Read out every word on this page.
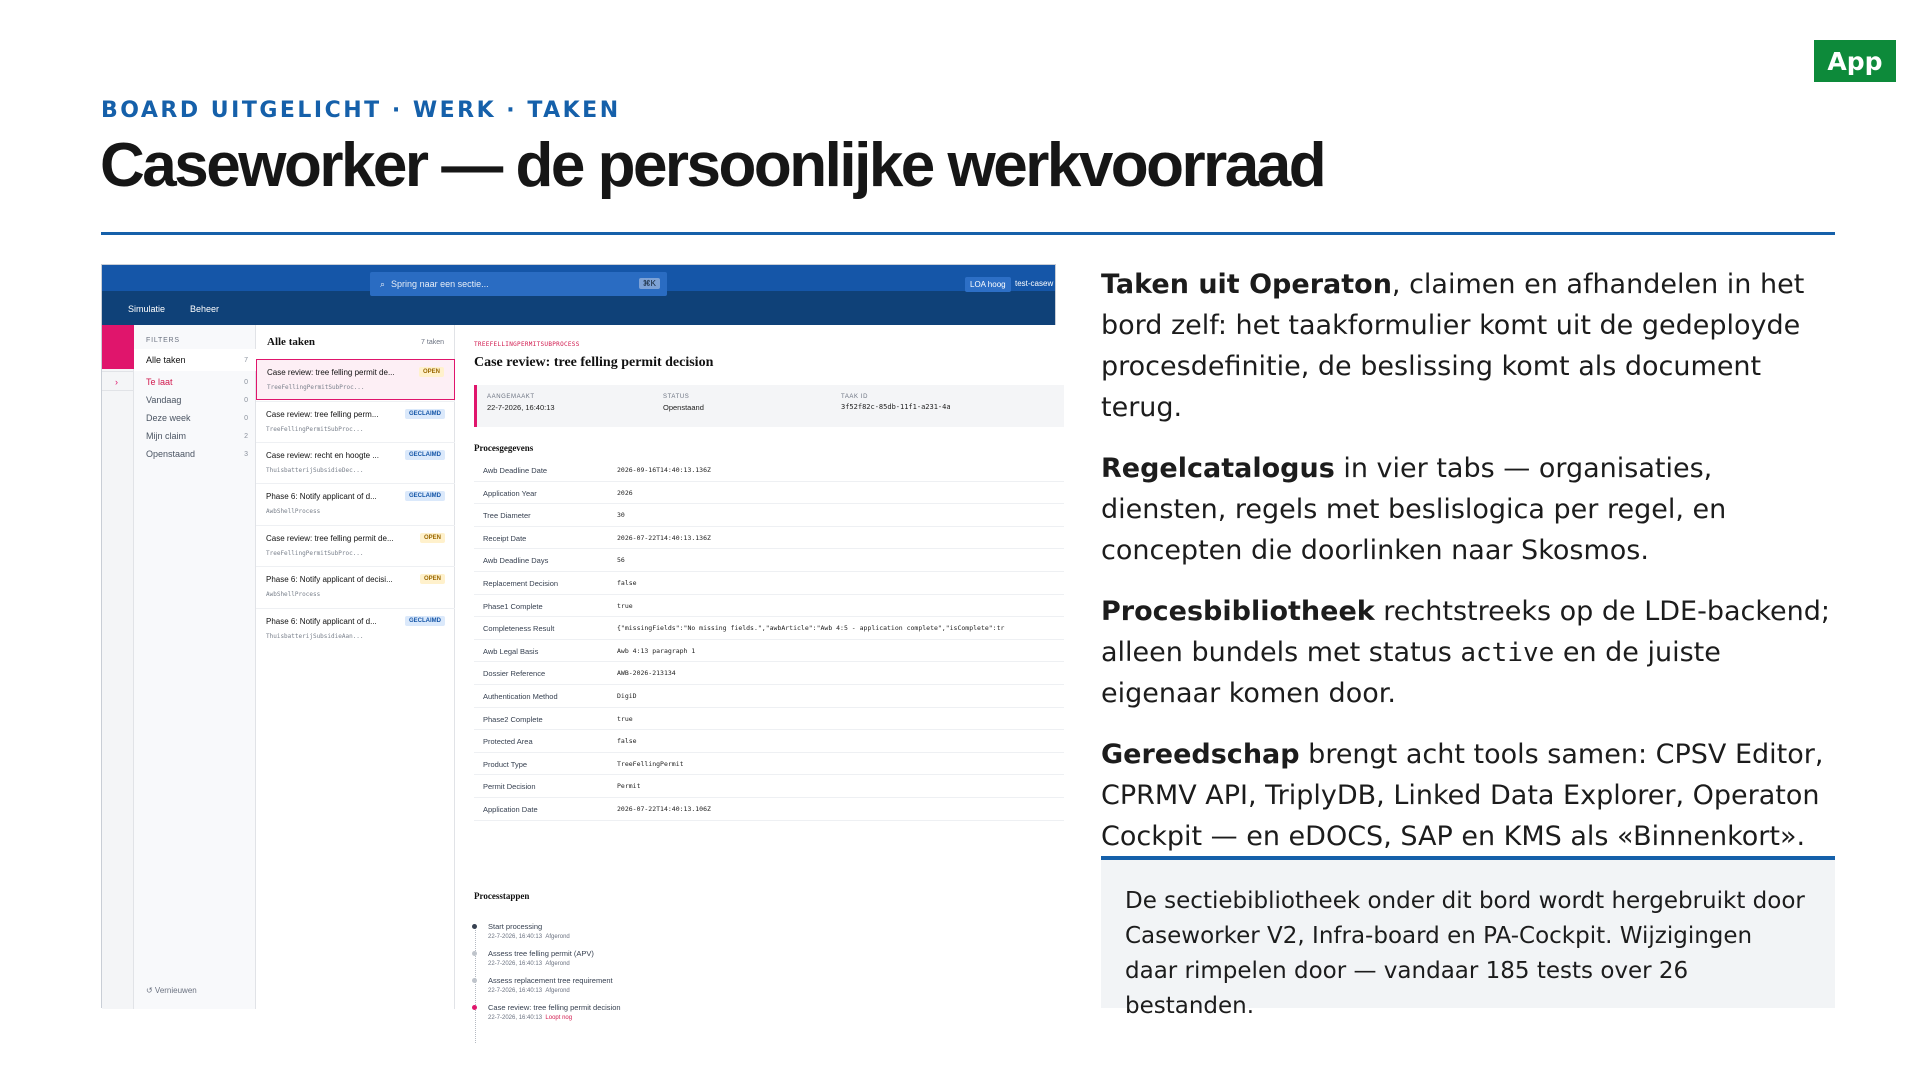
App
BOARD UITGELICHT · WERK · TAKEN
Caseworker — de persoonlijke werkvoorraad
Simulatie	Beheer
⌕ Spring naar een sectie...	⌘K	LOA hoog	test-casew
›
FILTERS
Alle taken	7
Te laat	0
Vandaag	0
Deze week	0
Mijn claim	2
Openstaand	3
↺ Vernieuwen
Alle taken	7 taken
Case review: tree felling permit de...
TreeFellingPermitSubProc...
OPEN
Case review: tree felling perm...
TreeFellingPermitSubProc...
GECLAIMD
Case review: recht en hoogte ...
ThuisbatterijSubsidieDec...
GECLAIMD
Phase 6: Notify applicant of d...
AwbShellProcess
GECLAIMD
Case review: tree felling permit de...
TreeFellingPermitSubProc...
OPEN
Phase 6: Notify applicant of decisi...
AwbShellProcess
OPEN
Phase 6: Notify applicant of d...
ThuisbatterijSubsidieAan...
GECLAIMD
TREEFELLINGPERMITSUBPROCESS
Case review: tree felling permit decision
AANGEMAAKT
22-7-2026, 16:40:13
STATUS
Openstaand
TAAK ID
3f52f82c-85db-11f1-a231-4a
Procesgegevens
Awb Deadline Date	2026-09-16T14:40:13.136Z
Application Year	2026
Tree Diameter	30
Receipt Date	2026-07-22T14:40:13.136Z
Awb Deadline Days	56
Replacement Decision	false
Phase1 Complete	true
Completeness Result	{"missingFields":"No missing fields.","awbArticle":"Awb 4:5 - application complete","isComplete":tr
Awb Legal Basis	Awb 4:13 paragraph 1
Dossier Reference	AWB-2026-213134
Authentication Method	DigiD
Phase2 Complete	true
Protected Area	false
Product Type	TreeFellingPermit
Permit Decision	Permit
Application Date	2026-07-22T14:40:13.106Z
Processtappen
Start processing
22-7-2026, 16:40:13 Afgerond
Assess tree felling permit (APV)
22-7-2026, 16:40:13 Afgerond
Assess replacement tree requirement
22-7-2026, 16:40:13 Afgerond
Case review: tree felling permit decision
22-7-2026, 16:40:13 Loopt nog

Taken uit Operaton, claimen en afhandelen in het bord zelf: het taakformulier komt uit de gedeployde procesdefinitie, de beslissing komt als document terug.

Regelcatalogus in vier tabs — organisaties, diensten, regels met beslislogica per regel, en concepten die doorlinken naar Skosmos.

Procesbibliotheek rechtstreeks op de LDE-backend; alleen bundels met status active en de juiste eigenaar komen door.

Gereedschap brengt acht tools samen: CPSV Editor, CPRMV API, TriplyDB, Linked Data Explorer, Operaton Cockpit — en eDOCS, SAP en KMS als «Binnenkort».

De sectiebibliotheek onder dit bord wordt hergebruikt door Caseworker V2, Infra-board en PA-Cockpit. Wijzigingen daar rimpelen door — vandaar 185 tests over 26 bestanden.
